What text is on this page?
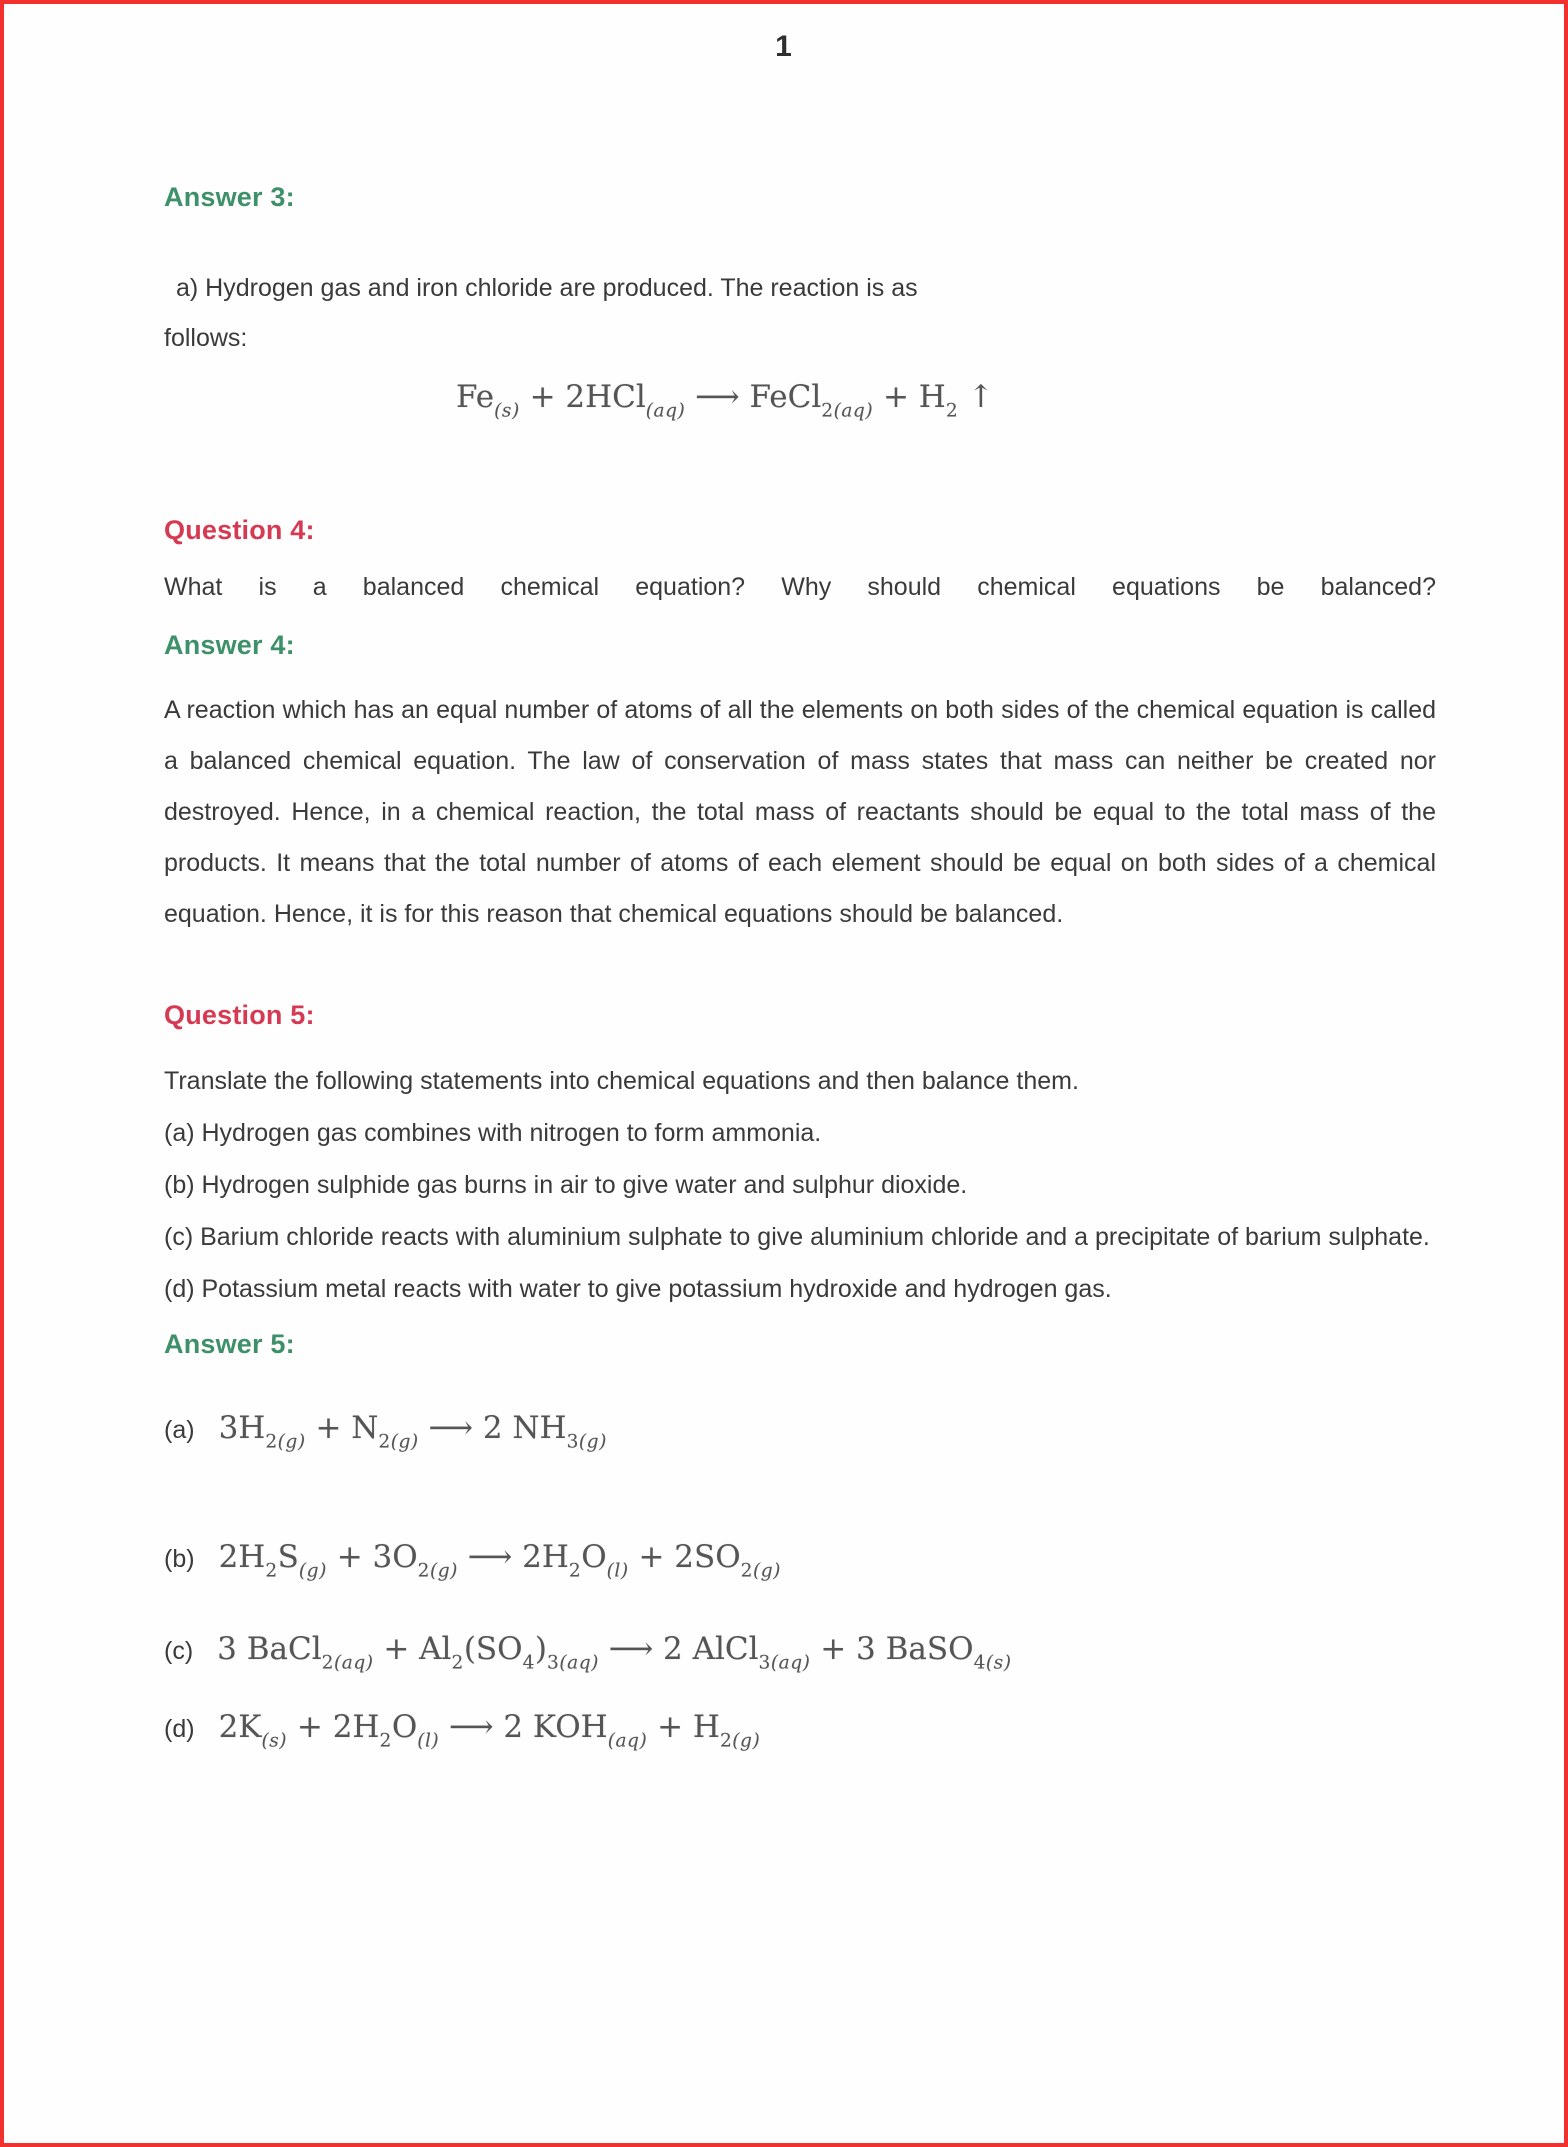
1
Answer 3:
a) Hydrogen gas and iron chloride are produced. The reaction is as
follows:
$Fe_{(s)} + 2HCl_{(aq)}$ ⟶ FeCl$_{2(aq)}$ + $H_2$ ↑
Question 4:
What is a balanced chemical equation? Why should chemical equations be balanced?
Answer 4:
A reaction which has an equal number of atoms of all the elements on both sides of the chemical equation is called a balanced chemical equation. The law of conservation of mass states that mass can neither be created nor destroyed. Hence, in a chemical reaction, the total mass of reactants should be equal to the total mass of the products. It means that the total number of atoms of each element should be equal on both sides of a chemical equation. Hence, it is for this reason that chemical equations should be balanced.
Question 5:
Translate the following statements into chemical equations and then balance them.
(a) Hydrogen gas combines with nitrogen to form ammonia.
(b) Hydrogen sulphide gas burns in air to give water and sulphur dioxide.
(c) Barium chloride reacts with aluminium sulphate to give aluminium chloride and a precipitate of barium sulphate.
(d) Potassium metal reacts with water to give potassium hydroxide and hydrogen gas.
Answer 5:
(a) $3H_{2(g)} + N_{2(g)}$ ⟶ 2 $NH_{3(g)}$
(b) $2H_2S_{(g)} + 3O_{2(g)}$ ⟶ $2H_2O_{(l)} + 2SO_{2(g)}$
(c) 3 BaCl$_{2(aq)}$ + $Al_2(SO_4)_{3(aq)}$ ⟶ 2 AlCl$_{3(aq)}$ + 3 BaSO$_{4(s)}$
(d) $2K_{(s)} + 2H_2O_{(l)}$ ⟶ 2 $KOH_{(aq)} + H_{2(g)}$
